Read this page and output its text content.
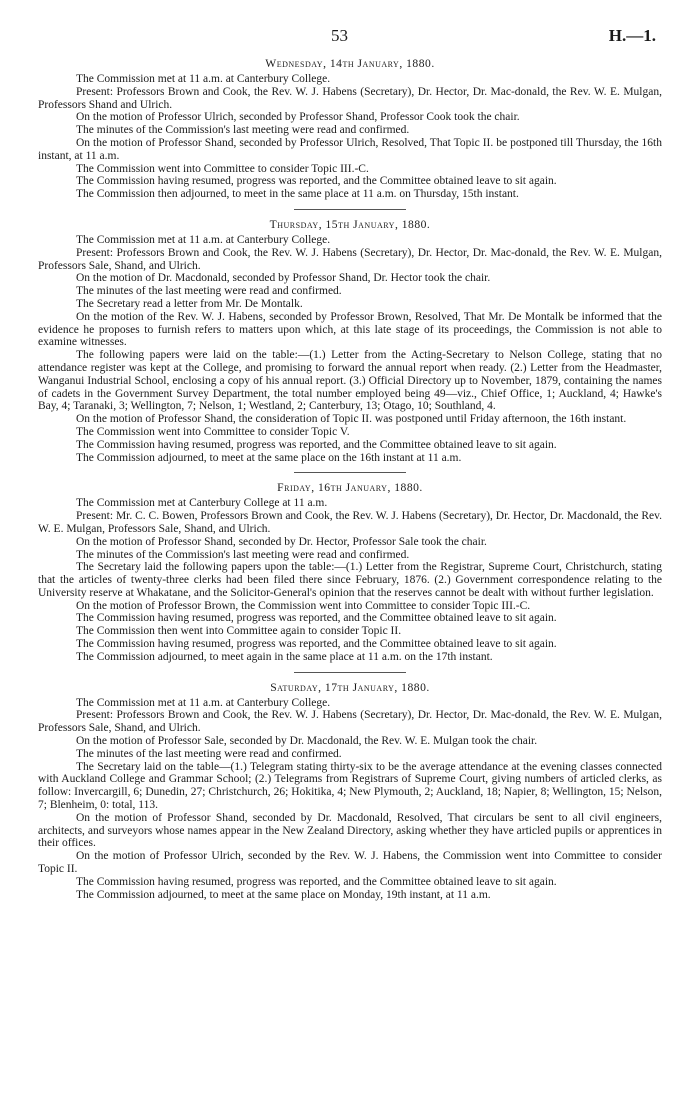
53	H.—1.
Wednesday, 14th January, 1880.

The Commission met at 11 a.m. at Canterbury College.

Present: Professors Brown and Cook, the Rev. W. J. Habens (Secretary), Dr. Hector, Dr. Mac-donald, the Rev. W. E. Mulgan, Professors Shand and Ulrich.

On the motion of Professor Ulrich, seconded by Professor Shand, Professor Cook took the chair.

The minutes of the Commission's last meeting were read and confirmed.

On the motion of Professor Shand, seconded by Professor Ulrich, Resolved, That Topic II. be postponed till Thursday, the 16th instant, at 11 a.m.

The Commission went into Committee to consider Topic III.-C.

The Commission having resumed, progress was reported, and the Committee obtained leave to sit again.

The Commission then adjourned, to meet in the same place at 11 a.m. on Thursday, 15th instant.

Thursday, 15th January, 1880.

The Commission met at 11 a.m. at Canterbury College.

Present: Professors Brown and Cook, the Rev. W. J. Habens (Secretary), Dr. Hector, Dr. Mac-donald, the Rev. W. E. Mulgan, Professors Sale, Shand, and Ulrich.

On the motion of Dr. Macdonald, seconded by Professor Shand, Dr. Hector took the chair.

The minutes of the last meeting were read and confirmed.

The Secretary read a letter from Mr. De Montalk.

On the motion of the Rev. W. J. Habens, seconded by Professor Brown, Resolved, That Mr. De Montalk be informed that the evidence he proposes to furnish refers to matters upon which, at this late stage of its proceedings, the Commission is not able to examine witnesses.

The following papers were laid on the table:—(1.) Letter from the Acting-Secretary to Nelson College, stating that no attendance register was kept at the College, and promising to forward the annual report when ready. (2.) Letter from the Headmaster, Wanganui Industrial School, enclosing a copy of his annual report. (3.) Official Directory up to November, 1879, containing the names of cadets in the Government Survey Department, the total number employed being 49—viz., Chief Office, 1; Auckland, 4; Hawke's Bay, 4; Taranaki, 3; Wellington, 7; Nelson, 1; Westland, 2; Canterbury, 13; Otago, 10; Southland, 4.

On the motion of Professor Shand, the consideration of Topic II. was postponed until Friday afternoon, the 16th instant.

The Commission went into Committee to consider Topic V.

The Commission having resumed, progress was reported, and the Committee obtained leave to sit again.

The Commission adjourned, to meet at the same place on the 16th instant at 11 a.m.

Friday, 16th January, 1880.

The Commission met at Canterbury College at 11 a.m.

Present: Mr. C. C. Bowen, Professors Brown and Cook, the Rev. W. J. Habens (Secretary), Dr. Hector, Dr. Macdonald, the Rev. W. E. Mulgan, Professors Sale, Shand, and Ulrich.

On the motion of Professor Shand, seconded by Dr. Hector, Professor Sale took the chair.

The minutes of the Commission's last meeting were read and confirmed.

The Secretary laid the following papers upon the table:—(1.) Letter from the Registrar, Supreme Court, Christchurch, stating that the articles of twenty-three clerks had been filed there since February, 1876. (2.) Government correspondence relating to the University reserve at Whakatane, and the Solicitor-General's opinion that the reserves cannot be dealt with without further legislation.

On the motion of Professor Brown, the Commission went into Committee to consider Topic III.-C.

The Commission having resumed, progress was reported, and the Committee obtained leave to sit again.

The Commission then went into Committee again to consider Topic II.

The Commission having resumed, progress was reported, and the Committee obtained leave to sit again.

The Commission adjourned, to meet again in the same place at 11 a.m. on the 17th instant.

Saturday, 17th January, 1880.

The Commission met at 11 a.m. at Canterbury College.

Present: Professors Brown and Cook, the Rev. W. J. Habens (Secretary), Dr. Hector, Dr. Mac-donald, the Rev. W. E. Mulgan, Professors Sale, Shand, and Ulrich.

On the motion of Professor Sale, seconded by Dr. Macdonald, the Rev. W. E. Mulgan took the chair.

The minutes of the last meeting were read and confirmed.

The Secretary laid on the table—(1.) Telegram stating thirty-six to be the average attendance at the evening classes connected with Auckland College and Grammar School; (2.) Telegrams from Registrars of Supreme Court, giving numbers of articled clerks, as follow: Invercargill, 6; Dunedin, 27; Christchurch, 26; Hokitika, 4; New Plymouth, 2; Auckland, 18; Napier, 8; Wellington, 15; Nelson, 7; Blenheim, 0: total, 113.

On the motion of Professor Shand, seconded by Dr. Macdonald, Resolved, That circulars be sent to all civil engineers, architects, and surveyors whose names appear in the New Zealand Directory, asking whether they have articled pupils or apprentices in their offices.

On the motion of Professor Ulrich, seconded by the Rev. W. J. Habens, the Commission went into Committee to consider Topic II.

The Commission having resumed, progress was reported, and the Committee obtained leave to sit again.

The Commission adjourned, to meet at the same place on Monday, 19th instant, at 11 a.m.
